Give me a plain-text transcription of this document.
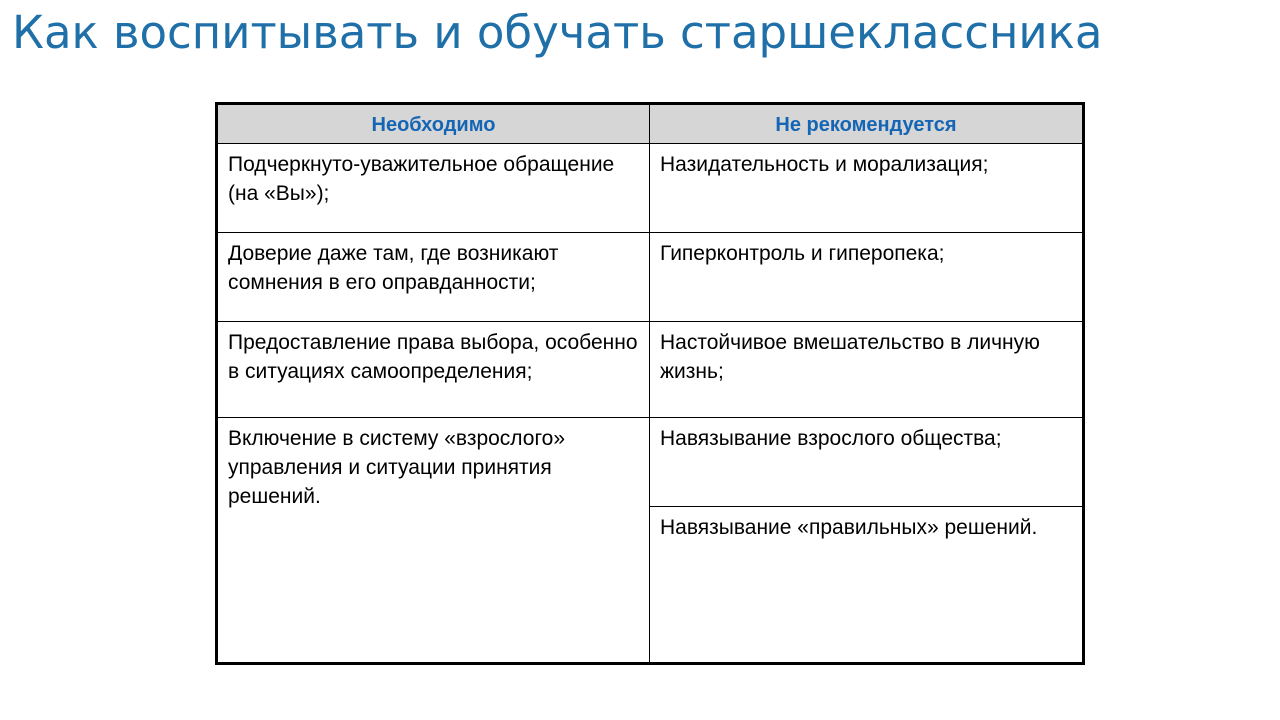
Как воспитывать и обучать старшеклассника
Необходимо	Не рекомендуется
Подчеркнуто-уважительное обращение (на «Вы»);	Назидательность и морализация;
Доверие даже там, где возникают сомнения в его оправданности;	Гиперконтроль и гиперопека;
Предоставление права выбора, особенно в ситуациях самоопределения;	Настойчивое вмешательство в личную жизнь;
Включение в систему «взрослого» управления и ситуации принятия решений.	Навязывание взрослого общества;
	Навязывание «правильных» решений.
